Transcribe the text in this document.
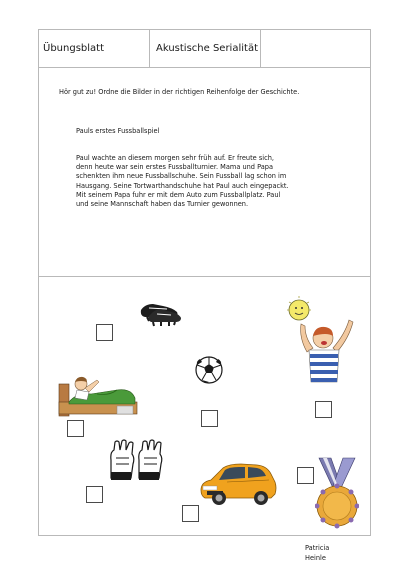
Übungsblatt	Akustische Serialität
Hör gut zu! Ordne die Bilder in der richtigen Reihenfolge der Geschichte.
Pauls erstes Fussballspiel
Paul wachte an diesem morgen sehr früh auf. Er freute sich,
denn heute war sein erstes Fussballturnier. Mama und Papa
schenkten ihm neue Fussballschuhe. Sein Fussball lag schon im
Hausgang. Seine Tortwarthandschuhe hat Paul auch eingepackt.
Mit seinem Papa fuhr er mit dem Auto zum Fussballplatz. Paul
und seine Mannschaft haben das Turnier gewonnen.
Patricia
Heinle
